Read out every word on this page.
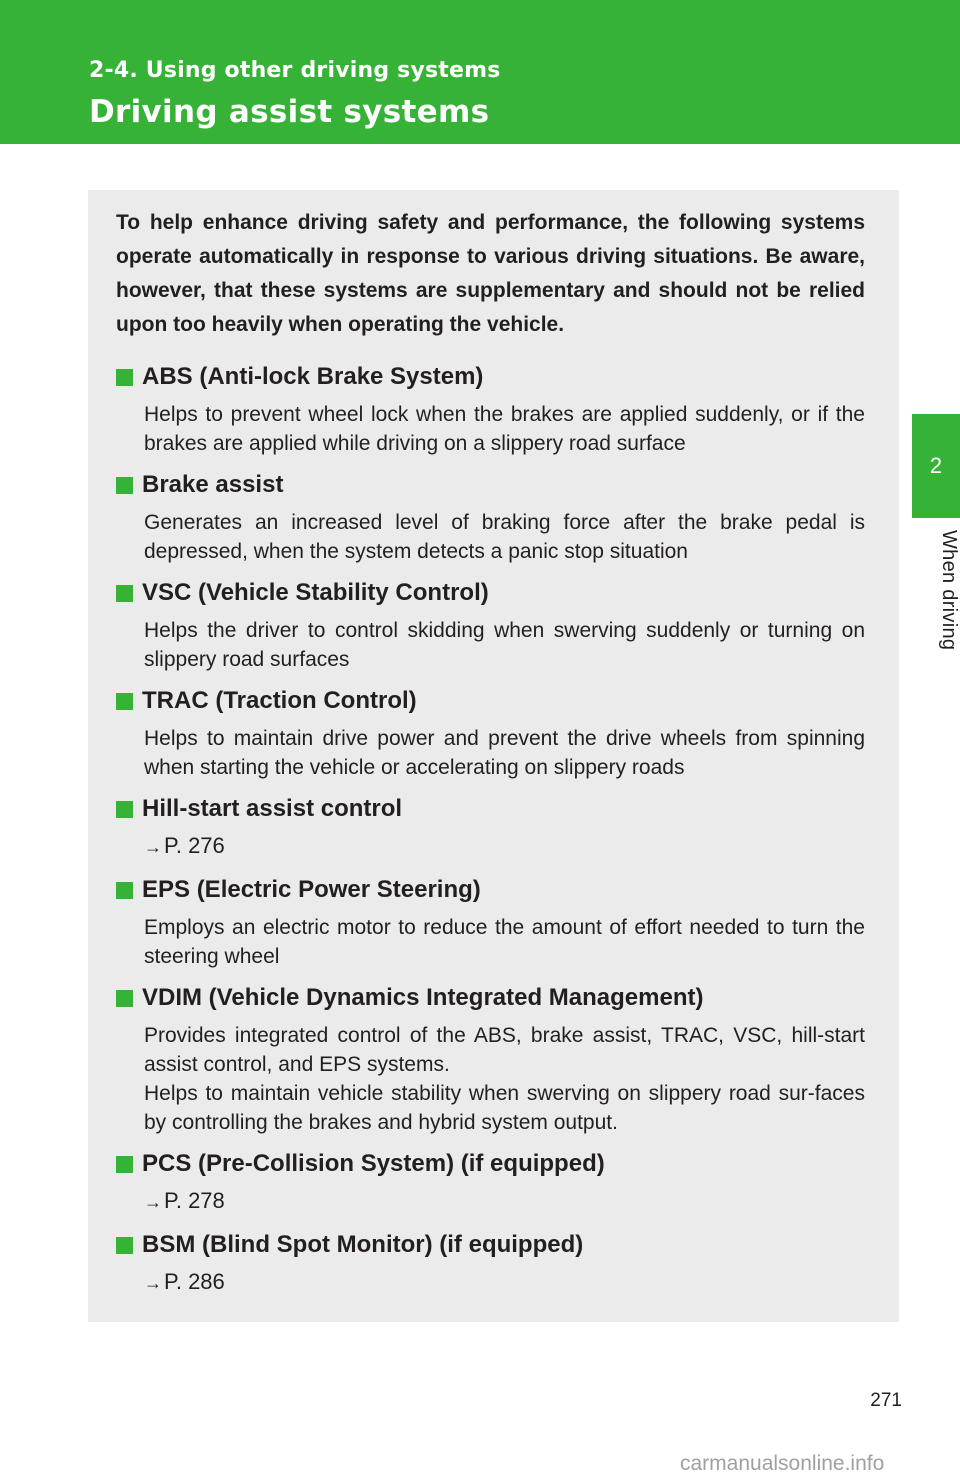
2-4. Using other driving systems
Driving assist systems
2
When driving

To help enhance driving safety and performance, the following systems operate automatically in response to various driving situations. Be aware, however, that these systems are supplementary and should not be relied upon too heavily when operating the vehicle.

ABS (Anti-lock Brake System)

Helps to prevent wheel lock when the brakes are applied suddenly, or if the brakes are applied while driving on a slippery road surface

Brake assist

Generates an increased level of braking force after the brake pedal is depressed, when the system detects a panic stop situation

VSC (Vehicle Stability Control)

Helps the driver to control skidding when swerving suddenly or turning on slippery road surfaces

TRAC (Traction Control)

Helps to maintain drive power and prevent the drive wheels from spinning when starting the vehicle or accelerating on slippery roads

Hill-start assist control

→P. 276

EPS (Electric Power Steering)

Employs an electric motor to reduce the amount of effort needed to turn the steering wheel

VDIM (Vehicle Dynamics Integrated Management)

Provides integrated control of the ABS, brake assist, TRAC, VSC, hill-start assist control, and EPS systems.

Helps to maintain vehicle stability when swerving on slippery road sur-faces by controlling the brakes and hybrid system output.

PCS (Pre-Collision System) (if equipped)

→P. 278

BSM (Blind Spot Monitor) (if equipped)

→P. 286

271
carmanualsonline.info
